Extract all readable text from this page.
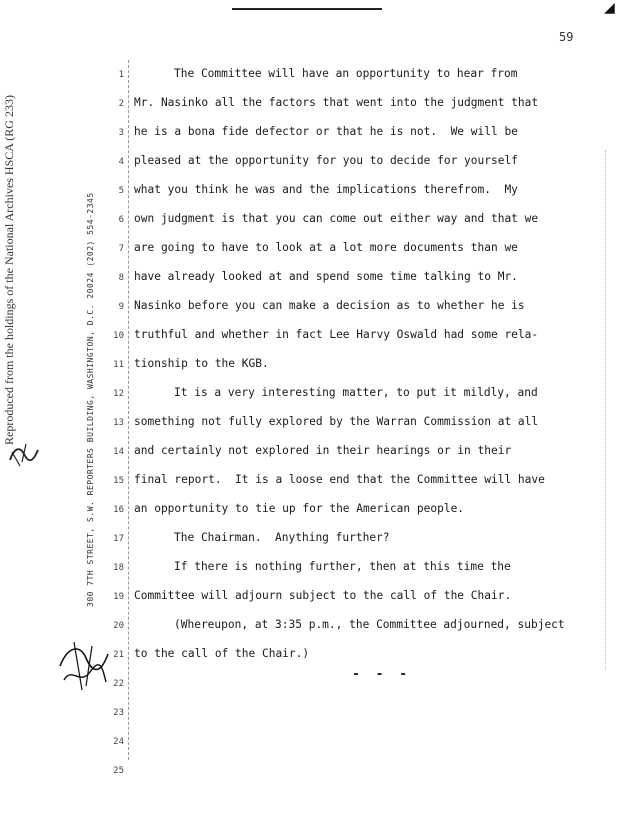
◢
59
Reproduced from the holdings of the National Archives HSCA (RG 233)	300 7TH STREET, S.W. REPORTERS BUILDING, WASHINGTON, D.C. 20024 (202) 554-2345
1
2
3
4
5
6
7
8
9
10
11
12
13
14
15
16
17
18
19
20
21
22
23
24
25
The Committee will have an opportunity to hear from
Mr. Nasinko all the factors that went into the judgment that
he is a bona fide defector or that he is not.  We will be
pleased at the opportunity for you to decide for yourself
what you think he was and the implications therefrom.  My
own judgment is that you can come out either way and that we
are going to have to look at a lot more documents than we
have already looked at and spend some time talking to Mr.
Nasinko before you can make a decision as to whether he is
truthful and whether in fact Lee Harvy Oswald had some rela-
tionship to the KGB.
It is a very interesting matter, to put it mildly, and
something not fully explored by the Warran Commission at all
and certainly not explored in their hearings or in their
final report.  It is a loose end that the Committee will have
an opportunity to tie up for the American people.
The Chairman.  Anything further?
If there is nothing further, then at this time the
Committee will adjourn subject to the call of the Chair.
(Whereupon, at 3:35 p.m., the Committee adjourned, subject
to the call of the Chair.)
- - -
